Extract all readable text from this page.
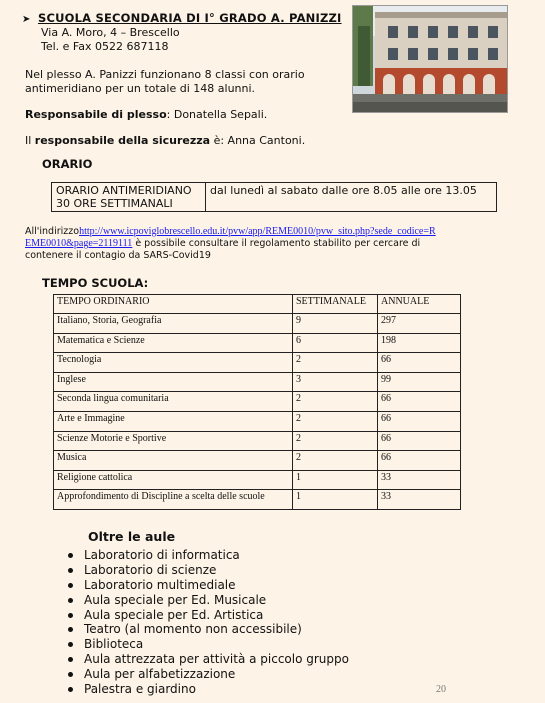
➤ SCUOLA SECONDARIA DI I° GRADO A. PANIZZI
Via A. Moro, 4 – Brescello
Tel. e Fax 0522 687118
Nel plesso A. Panizzi funzionano 8 classi con orario
antimeridiano per un totale di 148 alunni.
Responsabile di plesso: Donatella Sepali.
Il responsabile della sicurezza è: Anna Cantoni.
ORARIO
ORARIO ANTIMERIDIANO
30 ORE SETTIMANALI
	dal lunedì al sabato dalle ore 8.05 alle ore 13.05
All'indirizzohttp://www.icpoviglobrescello.edu.it/pvw/app/REME0010/pvw_sito.php?sede_codice=R
EME0010&page=2119111 è possibile consultare il regolamento stabilito per cercare di
contenere il contagio da SARS-Covid19
TEMPO SCUOLA:
TEMPO ORDINARIO	SETTIMANALE	ANNUALE
Italiano, Storia, Geografia	9	297
Matematica e Scienze	6	198
Tecnologia	2	66
Inglese	3	99
Seconda lingua comunitaria	2	66
Arte e Immagine	2	66
Scienze Motorie e Sportive	2	66
Musica	2	66
Religione cattolica	1	33
Approfondimento di Discipline a scelta delle scuole	1	33
Oltre le aule
Laboratorio di informatica
Laboratorio di scienze
Laboratorio multimediale
Aula speciale per Ed. Musicale
Aula speciale per Ed. Artistica
Teatro (al momento non accessibile)
Biblioteca
Aula attrezzata per attività a piccolo gruppo
Aula per alfabetizzazione
Palestra e giardino	20
